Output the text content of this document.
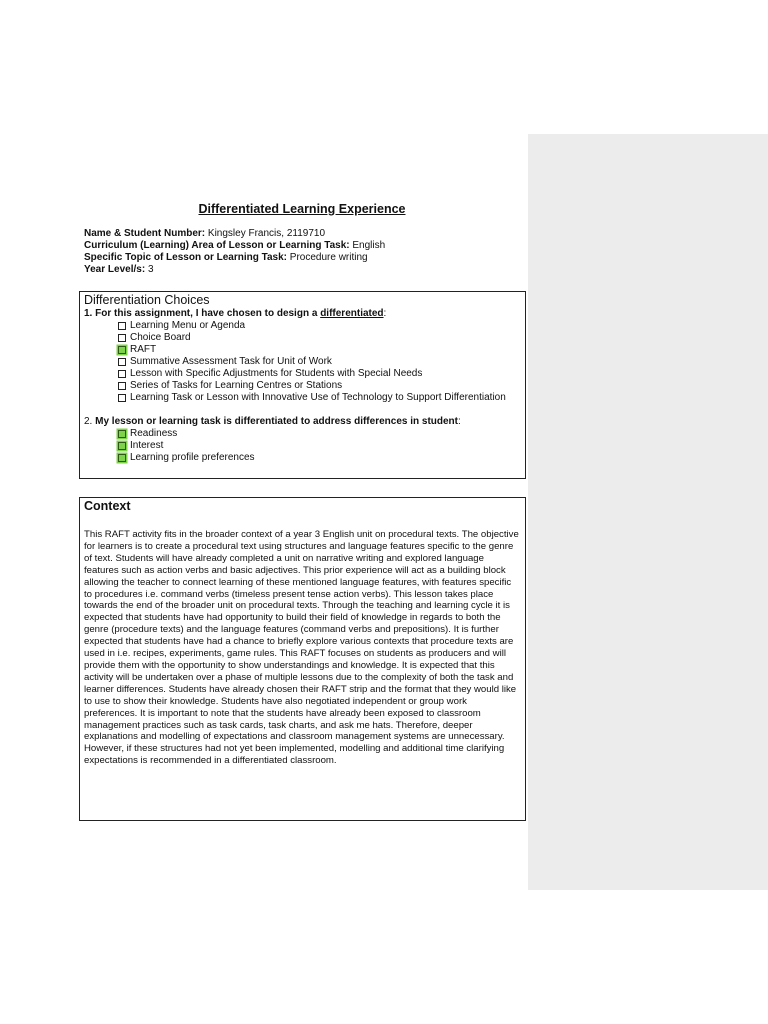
Differentiated Learning Experience
Name & Student Number: Kingsley Francis, 2119710
Curriculum (Learning) Area of Lesson or Learning Task: English
Specific Topic of Lesson or Learning Task: Procedure writing
Year Level/s: 3
Differentiation Choices
1. For this assignment, I have chosen to design a differentiated:
Learning Menu or Agenda
Choice Board
RAFT
Summative Assessment Task for Unit of Work
Lesson with Specific Adjustments for Students with Special Needs
Series of Tasks for Learning Centres or Stations
Learning Task or Lesson with Innovative Use of Technology to Support Differentiation
2. My lesson or learning task is differentiated to address differences in student:
Readiness
Interest
Learning profile preferences
Context
This RAFT activity fits in the broader context of a year 3 English unit on procedural texts. The objective for learners is to create a procedural text using structures and language features specific to the genre of text. Students will have already completed a unit on narrative writing and explored language features such as action verbs and basic adjectives. This prior experience will act as a building block allowing the teacher to connect learning of these mentioned language features, with features specific to procedures i.e. command verbs (timeless present tense action verbs). This lesson takes place towards the end of the broader unit on procedural texts. Through the teaching and learning cycle it is expected that students have had opportunity to build their field of knowledge in regards to both the genre (procedure texts) and the language features (command verbs and prepositions). It is further expected that students have had a chance to briefly explore various contexts that procedure texts are used in i.e. recipes, experiments, game rules. This RAFT focuses on students as producers and will provide them with the opportunity to show understandings and knowledge. It is expected that this activity will be undertaken over a phase of multiple lessons due to the complexity of both the task and learner differences. Students have already chosen their RAFT strip and the format that they would like to use to show their knowledge. Students have also negotiated independent or group work preferences. It is important to note that the students have already been exposed to classroom management practices such as task cards, task charts, and ask me hats. Therefore, deeper explanations and modelling of expectations and classroom management systems are unnecessary. However, if these structures had not yet been implemented, modelling and additional time clarifying expectations is recommended in a differentiated classroom.
